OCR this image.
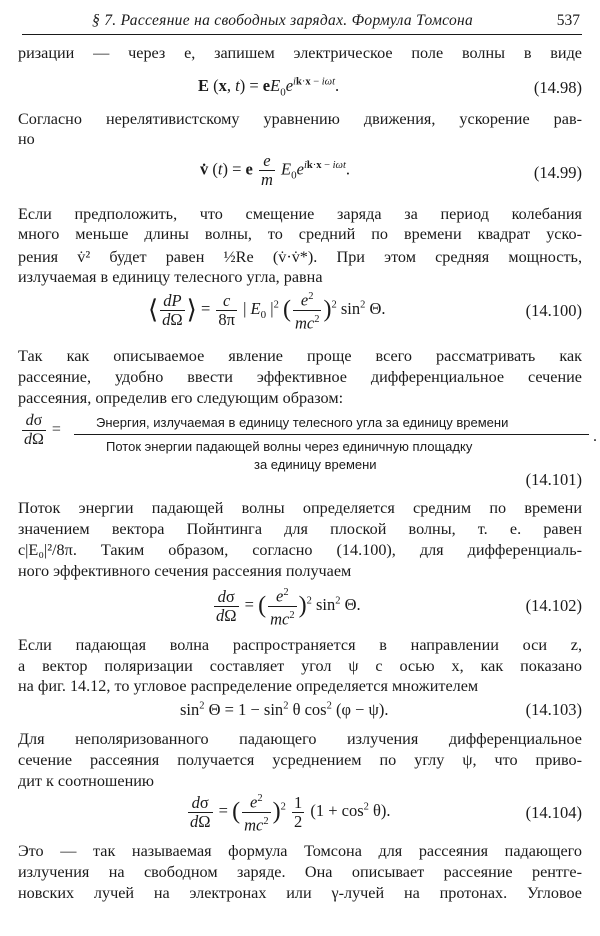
§ 7. Рассеяние на свободных зарядах. Формула Томсона	537
ризации — через e, запишем электрическое поле волны в виде
E (x, $t) = eE_0e^{ik\cdot x - i\omega t}$.	(14.98)
Согласно нерелятивистскому уравнению движения, ускорение рав-
но
v̇ (t) = e $\frac{e}{m} E_0e^{ik\cdot x - i\omega t}$.	(14.99)
Если предположить, что смещение заряда за период колебания
много меньше длины волны, то средний по времени квадрат уско-
рения v̇² будет равен ½Re (v̇·v̇*). При этом средняя мощность,
излучаемая в единицу телесного угла, равна
⟨ $\frac{dP}{d\Omega}$ ⟩ = $\frac{c}{8\pi}$ | $E_0$ $|^2$ ( $\frac{e^2}{mc^2} )^2$ $\sin^2 \Theta$.	(14.100)
Так как описываемое явление проще всего рассматривать как
рассеяние, удобно ввести эффективное дифференциальное сечение
рассеяния, определив его следующим образом:
$\frac{d\sigma}{d\Omega}$ =	Энергия, излучаемая в единицу телесного угла за единицу времени
Поток энергии падающей волны через единичную площадку
за единицу времени
.
(14.101)
Поток энергии падающей волны определяется средним по времени
значением вектора Пойнтинга для плоской волны, т. е. равен
c|E₀|²/8π. Таким образом, согласно (14.100), для дифференциаль-
ного эффективного сечения рассеяния получаем
$\frac{d\sigma}{d\Omega}$ = ( $\frac{e^2}{mc^2} )^2$ $\sin^2 \Theta$.	(14.102)
Если падающая волна распространяется в направлении оси z,
а вектор поляризации составляет угол ψ с осью x, как показано
на фиг. 14.12, то угловое распределение определяется множителем
$\sin^2 \Theta = 1 - \sin^2 \theta$ $\cos^2 (\varphi - \psi)$.	(14.103)
Для неполяризованного падающего излучения дифференциальное
сечение рассеяния получается усреднением по углу ψ, что приво-
дит к соотношению
$\frac{d\sigma}{d\Omega}$ = ( $\frac{e^2}{mc^2} )^2 \frac{1}{2} (1 + \cos^2 \theta)$.	(14.104)
Это — так называемая формула Томсона для рассеяния падающего
излучения на свободном заряде. Она описывает рассеяние рентге-
новских лучей на электронах или γ-лучей на протонах. Угловое
